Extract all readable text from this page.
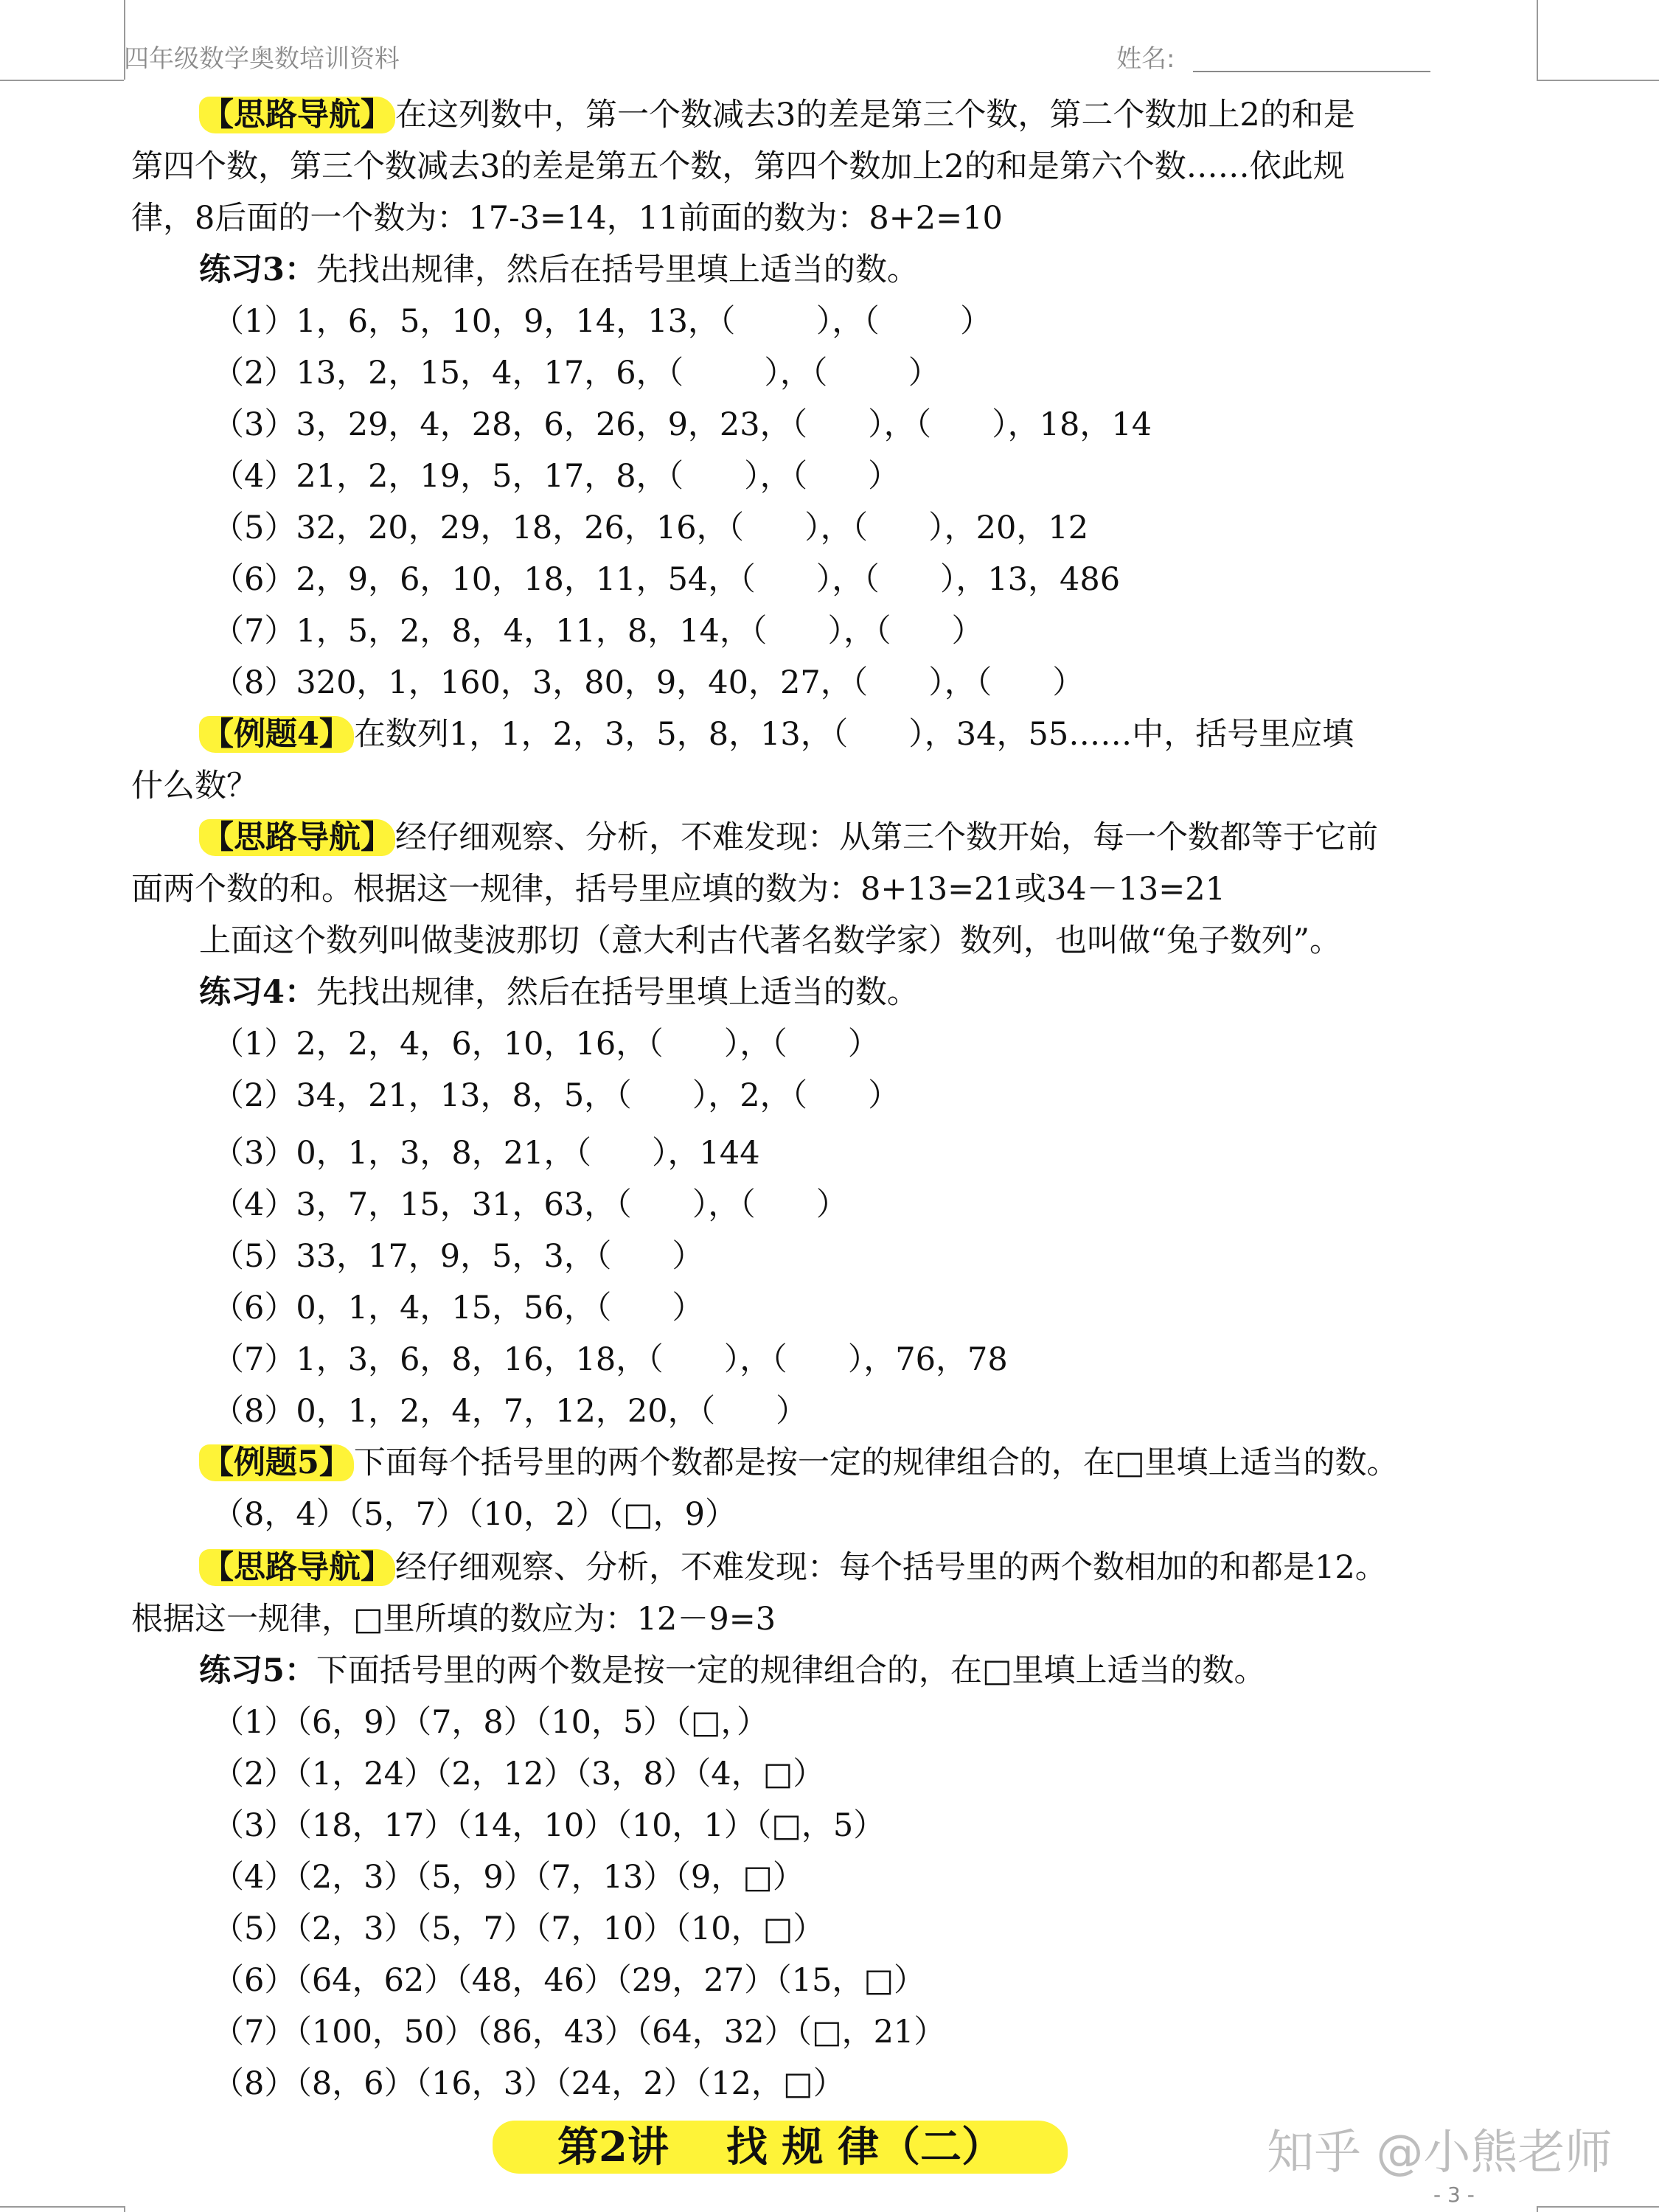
四年级数学奥数培训资料	姓名:
【思路导航】在这列数中，第一个数减去3的差是第三个数，第二个数加上2的和是
第四个数，第三个数减去3的差是第五个数，第四个数加上2的和是第六个数……依此规
律，8后面的一个数为：17-3=14，11前面的数为：8+2=10
练习3：先找出规律，然后在括号里填上适当的数。
（1）1，6，5，10，9，14，13，（        ），（        ）
（2）13，2，15，4，17，6，（        ），（        ）
（3）3，29，4，28，6，26，9，23，（      ），（      ），18，14
（4）21，2，19，5，17，8，（      ），（      ）
（5）32，20，29，18，26，16，（      ），（      ），20，12
（6）2，9，6，10，18，11，54，（      ），（      ），13，486
（7）1，5，2，8，4，11，8，14，（      ），（      ）
（8）320，1，160，3，80，9，40，27，（      ），（      ）
【例题4】在数列1，1，2，3，5，8，13，（      ），34，55……中，括号里应填
什么数？
【思路导航】经仔细观察、分析，不难发现：从第三个数开始，每一个数都等于它前
面两个数的和。根据这一规律，括号里应填的数为：8+13=21或34－13=21
上面这个数列叫做斐波那切（意大利古代著名数学家）数列，也叫做“兔子数列”。
练习4：先找出规律，然后在括号里填上适当的数。
（1）2，2，4，6，10，16，（      ），（      ）
（2）34，21，13，8，5，（      ），2，（      ）
（3）0，1，3，8，21，（      ），144
（4）3，7，15，31，63，（      ），（      ）
（5）33，17，9，5，3，（      ）
（6）0，1，4，15，56，（      ）
（7）1，3，6，8，16，18，（      ），（      ），76，78
（8）0，1，2，4，7，12，20，（      ）
【例题5】下面每个括号里的两个数都是按一定的规律组合的，在□里填上适当的数。
（8，4）（5，7）（10，2）（□，9）
【思路导航】经仔细观察、分析，不难发现：每个括号里的两个数相加的和都是12。
根据这一规律，□里所填的数应为：12－9=3
练习5：下面括号里的两个数是按一定的规律组合的，在□里填上适当的数。
（1）（6，9）（7，8）（10，5）（□，）
（2）（1，24）（2，12）（3，8）（4，□）
（3）（18，17）（14，10）（10，1）（□，5）
（4）（2，3）（5，9）（7，13）（9，□）
（5）（2，3）（5，7）（7，10）（10，□）
（6）（64，62）（48，46）（29，27）（15，□）
（7）（100，50）（86，43）（64，32）（□，21）
（8）（8，6）（16，3）（24，2）（12，□）
第2讲    找 规 律（二）	知乎 @小熊老师
- 3 -
